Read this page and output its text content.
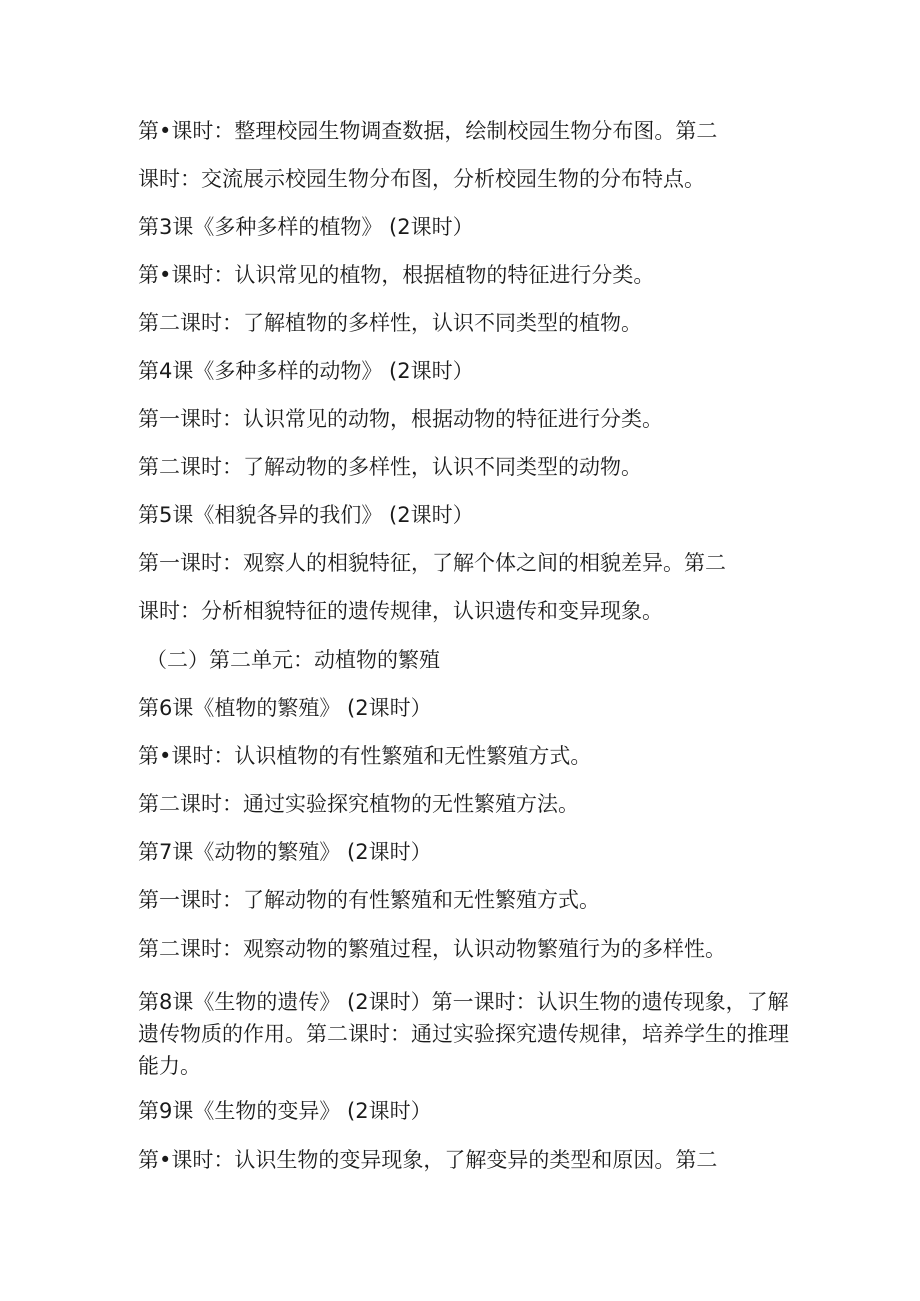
第•课时：整理校园生物调查数据，绘制校园生物分布图。第二
课时：交流展示校园生物分布图，分析校园生物的分布特点。
第3课《多种多样的植物》 (2课时）
第•课时：认识常见的植物，根据植物的特征进行分类。
第二课时：了解植物的多样性，认识不同类型的植物。
第4课《多种多样的动物》 (2课时）
第一课时：认识常见的动物，根据动物的特征进行分类。
第二课时：了解动物的多样性，认识不同类型的动物。
第5课《相貌各异的我们》 (2课时）
第一课时：观察人的相貌特征，了解个体之间的相貌差异。第二
课时：分析相貌特征的遗传规律，认识遗传和变异现象。
（二）第二单元：动植物的繁殖
第6课《植物的繁殖》 (2课时）
第•课时：认识植物的有性繁殖和无性繁殖方式。
第二课时：通过实验探究植物的无性繁殖方法。
第7课《动物的繁殖》 (2课时）
第一课时：了解动物的有性繁殖和无性繁殖方式。
第二课时：观察动物的繁殖过程，认识动物繁殖行为的多样性。
第8课《生物的遗传》 (2课时）第一课时：认识生物的遗传现象，了解遗传物质的作用。第二课时：通过实验探究遗传规律，培养学生的推理能力。
第9课《生物的变异》 (2课时）
第•课时：认识生物的变异现象，了解变异的类型和原因。第二
